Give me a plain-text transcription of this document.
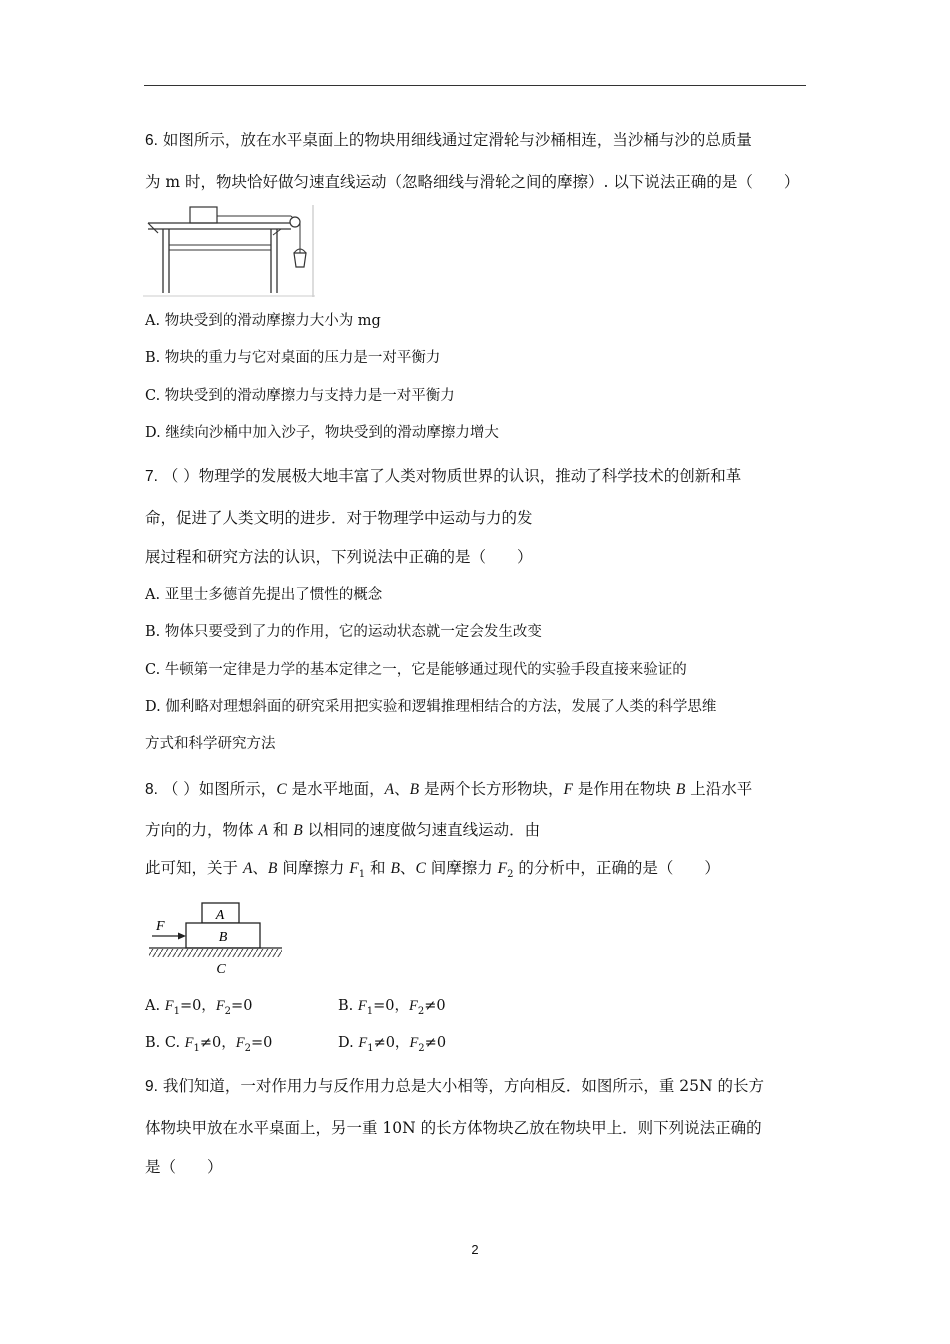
6. 如图所示，放在水平桌面上的物块用细线通过定滑轮与沙桶相连，当沙桶与沙的总质量
为 m 时，物块恰好做匀速直线运动（忽略细线与滑轮之间的摩擦）. 以下说法正确的是（　　）
A. 物块受到的滑动摩擦力大小为 mg
B. 物块的重力与它对桌面的压力是一对平衡力
C. 物块受到的滑动摩擦力与支持力是一对平衡力
D. 继续向沙桶中加入沙子，物块受到的滑动摩擦力增大
7. （ ）物理学的发展极大地丰富了人类对物质世界的认识，推动了科学技术的创新和革
命，促进了人类文明的进步．对于物理学中运动与力的发
展过程和研究方法的认识，下列说法中正确的是（　　）
A. 亚里士多德首先提出了惯性的概念
B. 物体只要受到了力的作用，它的运动状态就一定会发生改变
C. 牛顿第一定律是力学的基本定律之一，它是能够通过现代的实验手段直接来验证的
D. 伽利略对理想斜面的研究采用把实验和逻辑推理相结合的方法，发展了人类的科学思维
方式和科学研究方法
8. （ ）如图所示，C 是水平地面，A、B 是两个长方形物块，F 是作用在物块 B 上沿水平
方向的力，物体 A 和 B 以相同的速度做匀速直线运动．由
此可知，关于 A、B 间摩擦力 $F_1$ 和 B、C 间摩擦力 $F_2$ 的分析中，正确的是（　　）
A
B
F
C
A. $F_1=0$，$F_2=0$	B. $F_1=0$，$F_2\ne 0$
B. C. $F_1\ne 0$，$F_2=0$	D. $F_1\ne 0$，$F_2\ne 0$
9. 我们知道，一对作用力与反作用力总是大小相等，方向相反．如图所示，重 25N 的长方
体物块甲放在水平桌面上，另一重 10N 的长方体物块乙放在物块甲上．则下列说法正确的
是（　　）
2
